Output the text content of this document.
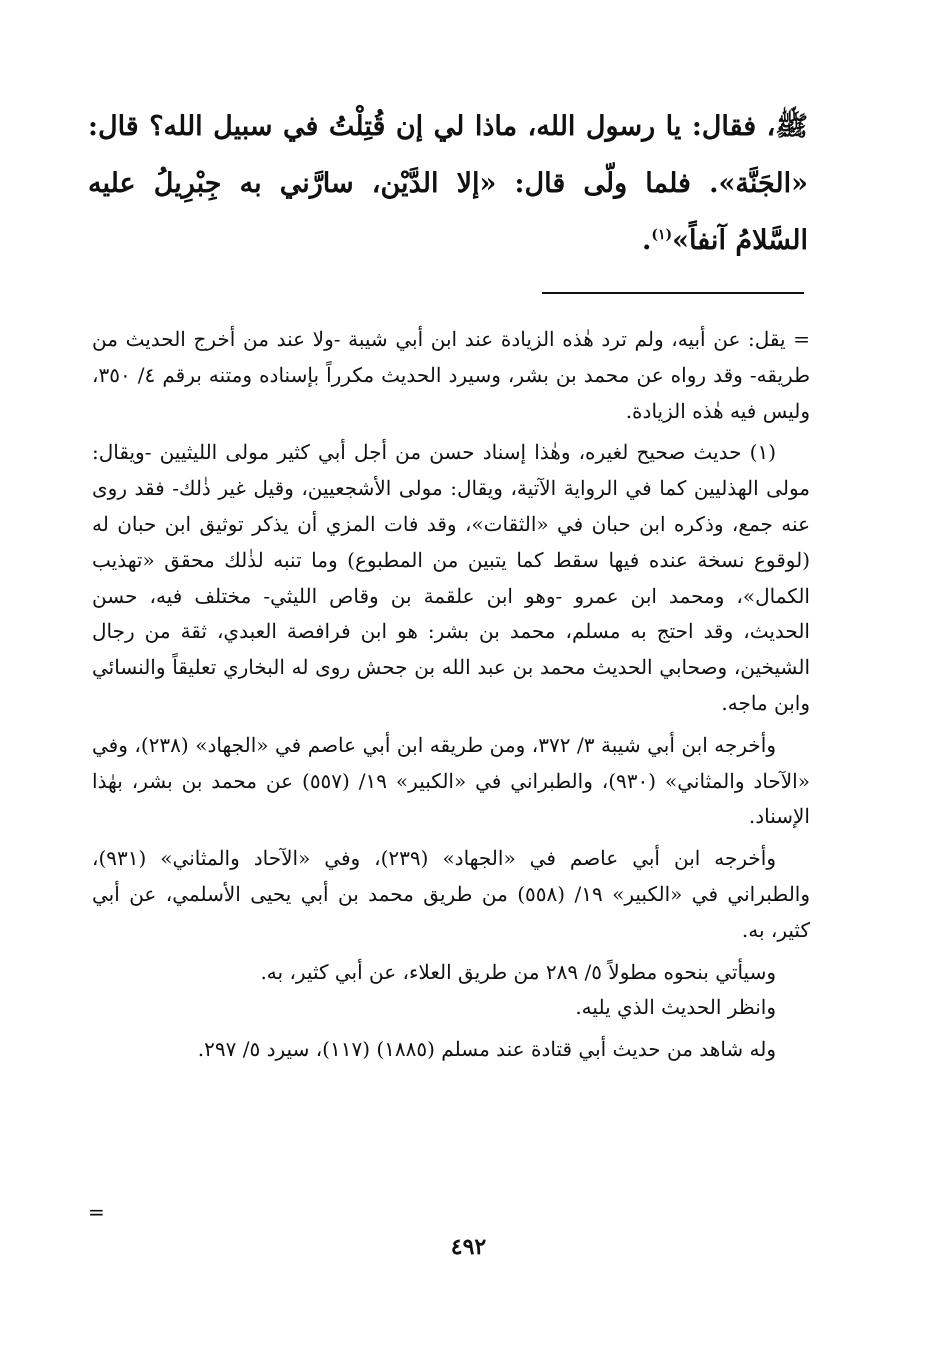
ﷺ، فقال: يا رسول الله، ماذا لي إن قُتِلْتُ في سبيل الله؟ قال: «الجَنَّة». فلما ولّى قال: «إلا الدَّيْن، سارَّني به جِبْرِيلُ عليه السَّلامُ آنفاً»$^{(١)}$.

= يقل: عن أبيه، ولم ترد هٰذه الزيادة عند ابن أبي شيبة -ولا عند من أخرج الحديث من طريقه- وقد رواه عن محمد بن بشر، وسيرد الحديث مكرراً بإسناده ومتنه برقم ٤/ ٣٥٠، وليس فيه هٰذه الزيادة.

(١) حديث صحيح لغيره، وهٰذا إسناد حسن من أجل أبي كثير مولى الليثيين -ويقال: مولى الهذليين كما في الرواية الآتية، ويقال: مولى الأشجعيين، وقيل غير ذٰلك- فقد روى عنه جمع، وذكره ابن حبان في «الثقات»، وقد فات المزي أن يذكر توثيق ابن حبان له (لوقوع نسخة عنده فيها سقط كما يتبين من المطبوع) وما تنبه لذٰلك محقق «تهذيب الكمال»، ومحمد ابن عمرو -وهو ابن علقمة بن وقاص الليثي- مختلف فيه، حسن الحديث، وقد احتج به مسلم، محمد بن بشر: هو ابن فرافصة العبدي، ثقة من رجال الشيخين، وصحابي الحديث محمد بن عبد الله بن جحش روى له البخاري تعليقاً والنسائي وابن ماجه.

وأخرجه ابن أبي شيبة ٣/ ٣٧٢، ومن طريقه ابن أبي عاصم في «الجهاد» (٢٣٨)، وفي «الآحاد والمثاني» (٩٣٠)، والطبراني في «الكبير» ١٩/ (٥٥٧) عن محمد بن بشر، بهٰذا الإسناد.

وأخرجه ابن أبي عاصم في «الجهاد» (٢٣٩)، وفي «الآحاد والمثاني» (٩٣١)، والطبراني في «الكبير» ١٩/ (٥٥٨) من طريق محمد بن أبي يحيى الأسلمي، عن أبي كثير، به.

وسيأتي بنحوه مطولاً ٥/ ٢٨٩ من طريق العلاء، عن أبي كثير، به.

وانظر الحديث الذي يليه.

وله شاهد من حديث أبي قتادة عند مسلم (١٨٨٥) (١١٧)، سيرد ٥/ ٢٩٧.

=
٤٩٢
